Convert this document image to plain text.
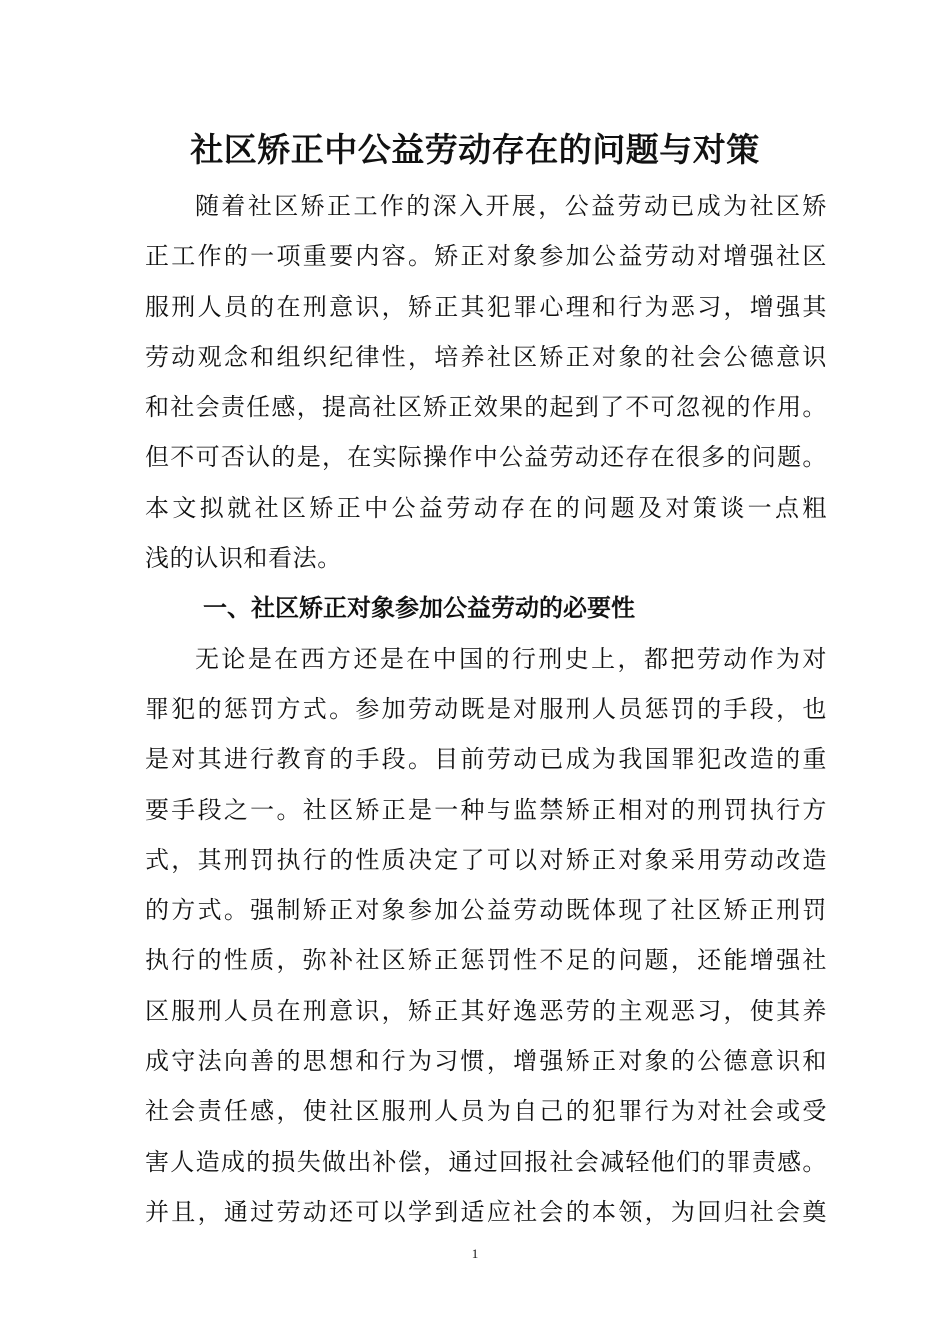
社区矫正中公益劳动存在的问题与对策
随着社区矫正工作的深入开展，公益劳动已成为社区矫
正工作的一项重要内容。矫正对象参加公益劳动对增强社区
服刑人员的在刑意识，矫正其犯罪心理和行为恶习，增强其
劳动观念和组织纪律性，培养社区矫正对象的社会公德意识
和社会责任感，提高社区矫正效果的起到了不可忽视的作用。
但不可否认的是，在实际操作中公益劳动还存在很多的问题。
本文拟就社区矫正中公益劳动存在的问题及对策谈一点粗
浅的认识和看法。
一、社区矫正对象参加公益劳动的必要性
无论是在西方还是在中国的行刑史上，都把劳动作为对
罪犯的惩罚方式。参加劳动既是对服刑人员惩罚的手段，也
是对其进行教育的手段。目前劳动已成为我国罪犯改造的重
要手段之一。社区矫正是一种与监禁矫正相对的刑罚执行方
式，其刑罚执行的性质决定了可以对矫正对象采用劳动改造
的方式。强制矫正对象参加公益劳动既体现了社区矫正刑罚
执行的性质，弥补社区矫正惩罚性不足的问题，还能增强社
区服刑人员在刑意识，矫正其好逸恶劳的主观恶习，使其养
成守法向善的思想和行为习惯，增强矫正对象的公德意识和
社会责任感，使社区服刑人员为自己的犯罪行为对社会或受
害人造成的损失做出补偿，通过回报社会减轻他们的罪责感。
并且，通过劳动还可以学到适应社会的本领，为回归社会奠
1
